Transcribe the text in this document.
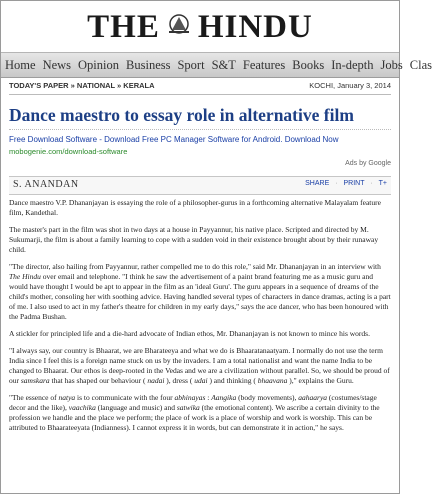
THE HINDU
Home News Opinion Business Sport S&T Features Books In-depth Jobs Clas
TODAY'S PAPER » NATIONAL » KERALA	KOCHI, January 3, 2014
Dance maestro to essay role in alternative film
Free Download Software - Download Free PC Manager Software for Android. Download Now
mobogenie.com/download-software
Ads by Google
S. ANANDAN	SHARE · PRINT · T+

Dance maestro V.P. Dhananjayan is essaying the role of a philosopher-gurus in a forthcoming alternative Malayalam feature film, Kandethal.

The master's part in the film was shot in two days at a house in Payyannur, his native place. Scripted and directed by M. Sukumarji, the film is about a family learning to cope with a sudden void in their existence brought about by their runaway child.

"The director, also hailing from Payyannur, rather compelled me to do this role," said Mr. Dhananjayan in an interview with The Hindu over email and telephone. "I think he saw the advertisement of a paint brand featuring me as a music guru and would have thought I would be apt to appear in the film as an 'ideal Guru'. The guru appears in a sequence of dreams of the child's mother, consoling her with soothing advice. Having handled several types of characters in dance dramas, acting is a part of me. I also used to act in my father's theatre for children in my early days," says the ace dancer, who has been honoured with the Padma Bushan.

A stickler for principled life and a die-hard advocate of Indian ethos, Mr. Dhananjayan is not known to mince his words.

"I always say, our country is Bhaarat, we are Bharateeya and what we do is Bhaaratanaatyam. I normally do not use the term India since I feel this is a foreign name stuck on us by the invaders. I am a total nationalist and want the name India to be changed to Bhaarat. Our ethos is deep-rooted in the Vedas and we are a civilization without parallel. So, we should be proud of our samskara that has shaped our behaviour ( nadai ), dress ( udai ) and thinking ( bhaavana )," explains the Guru.

"The essence of natya is to communicate with the four abhinayas : Aangika (body movements), aahaarya (costumes/stage decor and the like), vaachika (language and music) and satwika (the emotional content). We ascribe a certain divinity to the profession we handle and the place we perform; the place of work is a place of worship and work is worship. This can be attributed to Bhaarateeyata (Indianness). I cannot express it in words, but can demonstrate it in action," he says.
